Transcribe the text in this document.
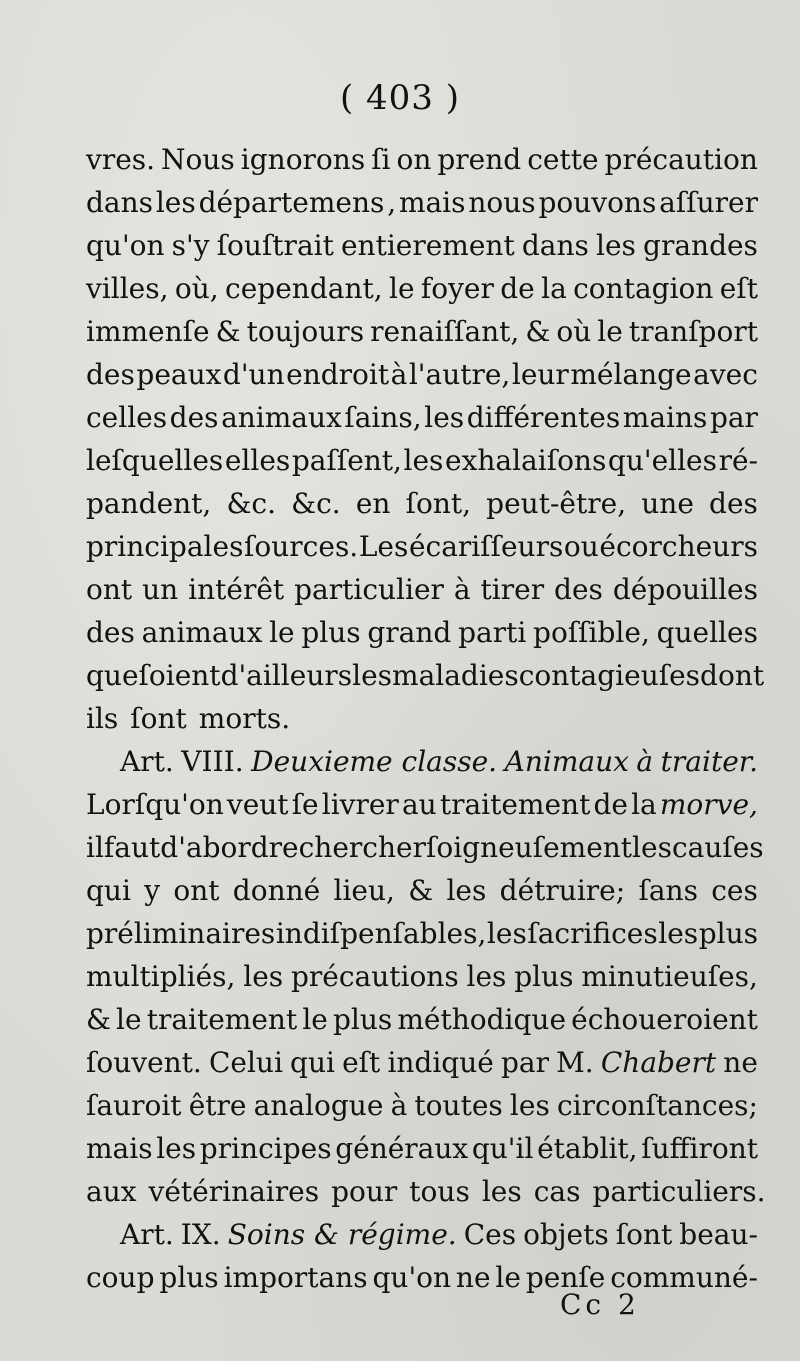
( 403 )
vres. Nous ignorons ſi on prend cette précaution
dans les départemens , mais nous pouvons aſſurer
qu'on s'y ſouſtrait entierement dans les grandes
villes, où, cependant, le foyer de la contagion eſt
immenſe & toujours renaiſſant, & où le tranſport
des peaux d'un endroit à l'autre, leur mélange avec
celles des animaux ſains, les différentes mains par
leſquelles elles paſſent, les exhalaiſons qu'elles ré-
pandent, &c. &c. en ſont, peut-être, une des
principales ſources. Les écariſſeurs ou écorcheurs
ont un intérêt particulier à tirer des dépouilles
des animaux le plus grand parti poſſible, quelles
que ſoient d'ailleurs les maladies contagieuſes dont
ils ſont morts.
Art. VIII. Deuxieme classe. Animaux à traiter.
Lorſqu'on veut ſe livrer au traitement de la morve,
il faut d'abord rechercher ſoigneuſement les cauſes
qui y ont donné lieu, & les détruire; ſans ces
préliminaires indiſpenſables, les ſacrifices les plus
multipliés, les précautions les plus minutieuſes,
& le traitement le plus méthodique échoueroient
ſouvent. Celui qui eſt indiqué par M. Chabert ne
ſauroit être analogue à toutes les circonſtances;
mais les principes généraux qu'il établit, ſuffiront
aux vétérinaires pour tous les cas particuliers.
Art. IX. Soins & régime. Ces objets ſont beau-
coup plus importans qu'on ne le penſe communé-
Cc 2
